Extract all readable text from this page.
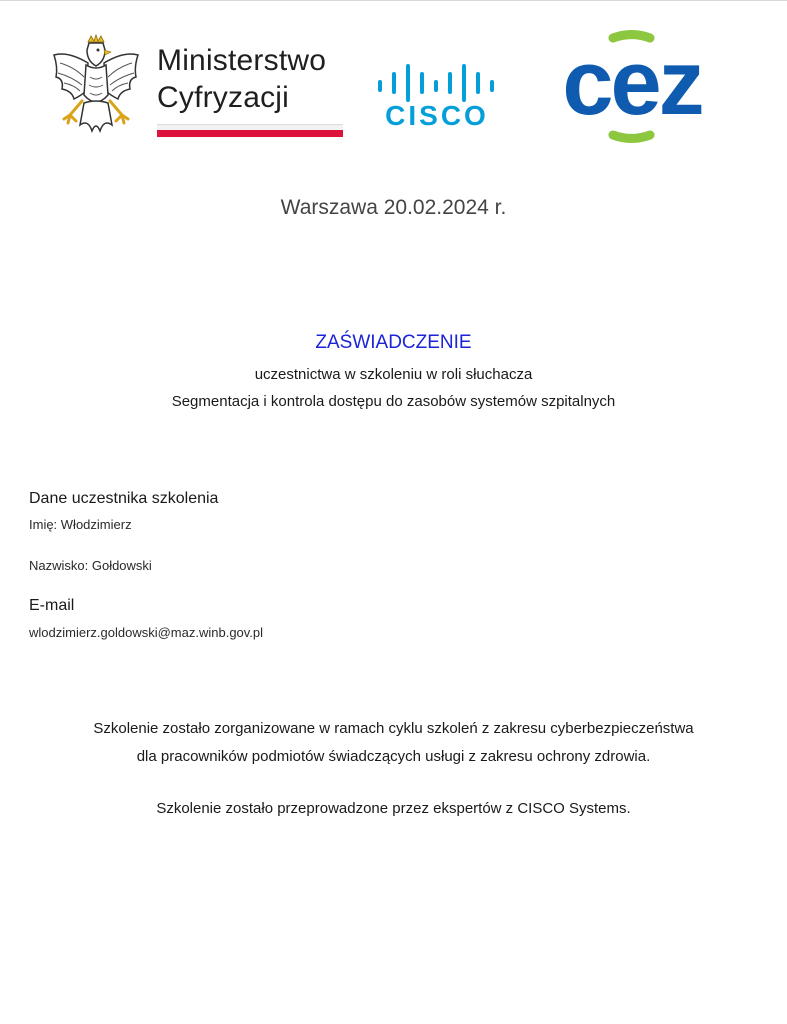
Ministerstwo
Cyfryzacji
CISCO cez
Warszawa 20.02.2024 r.
ZAŚWIADCZENIE
uczestnictwa w szkoleniu w roli słuchacza
Segmentacja i kontrola dostępu do zasobów systemów szpitalnych
Dane uczestnika szkolenia
Imię: Włodzimierz
Nazwisko: Gołdowski
E-mail
wlodzimierz.goldowski@maz.winb.gov.pl
Szkolenie zostało zorganizowane w ramach cyklu szkoleń z zakresu cyberbezpieczeństwa
dla pracowników podmiotów świadczących usługi z zakresu ochrony zdrowia.
Szkolenie zostało przeprowadzone przez ekspertów z CISCO Systems.
